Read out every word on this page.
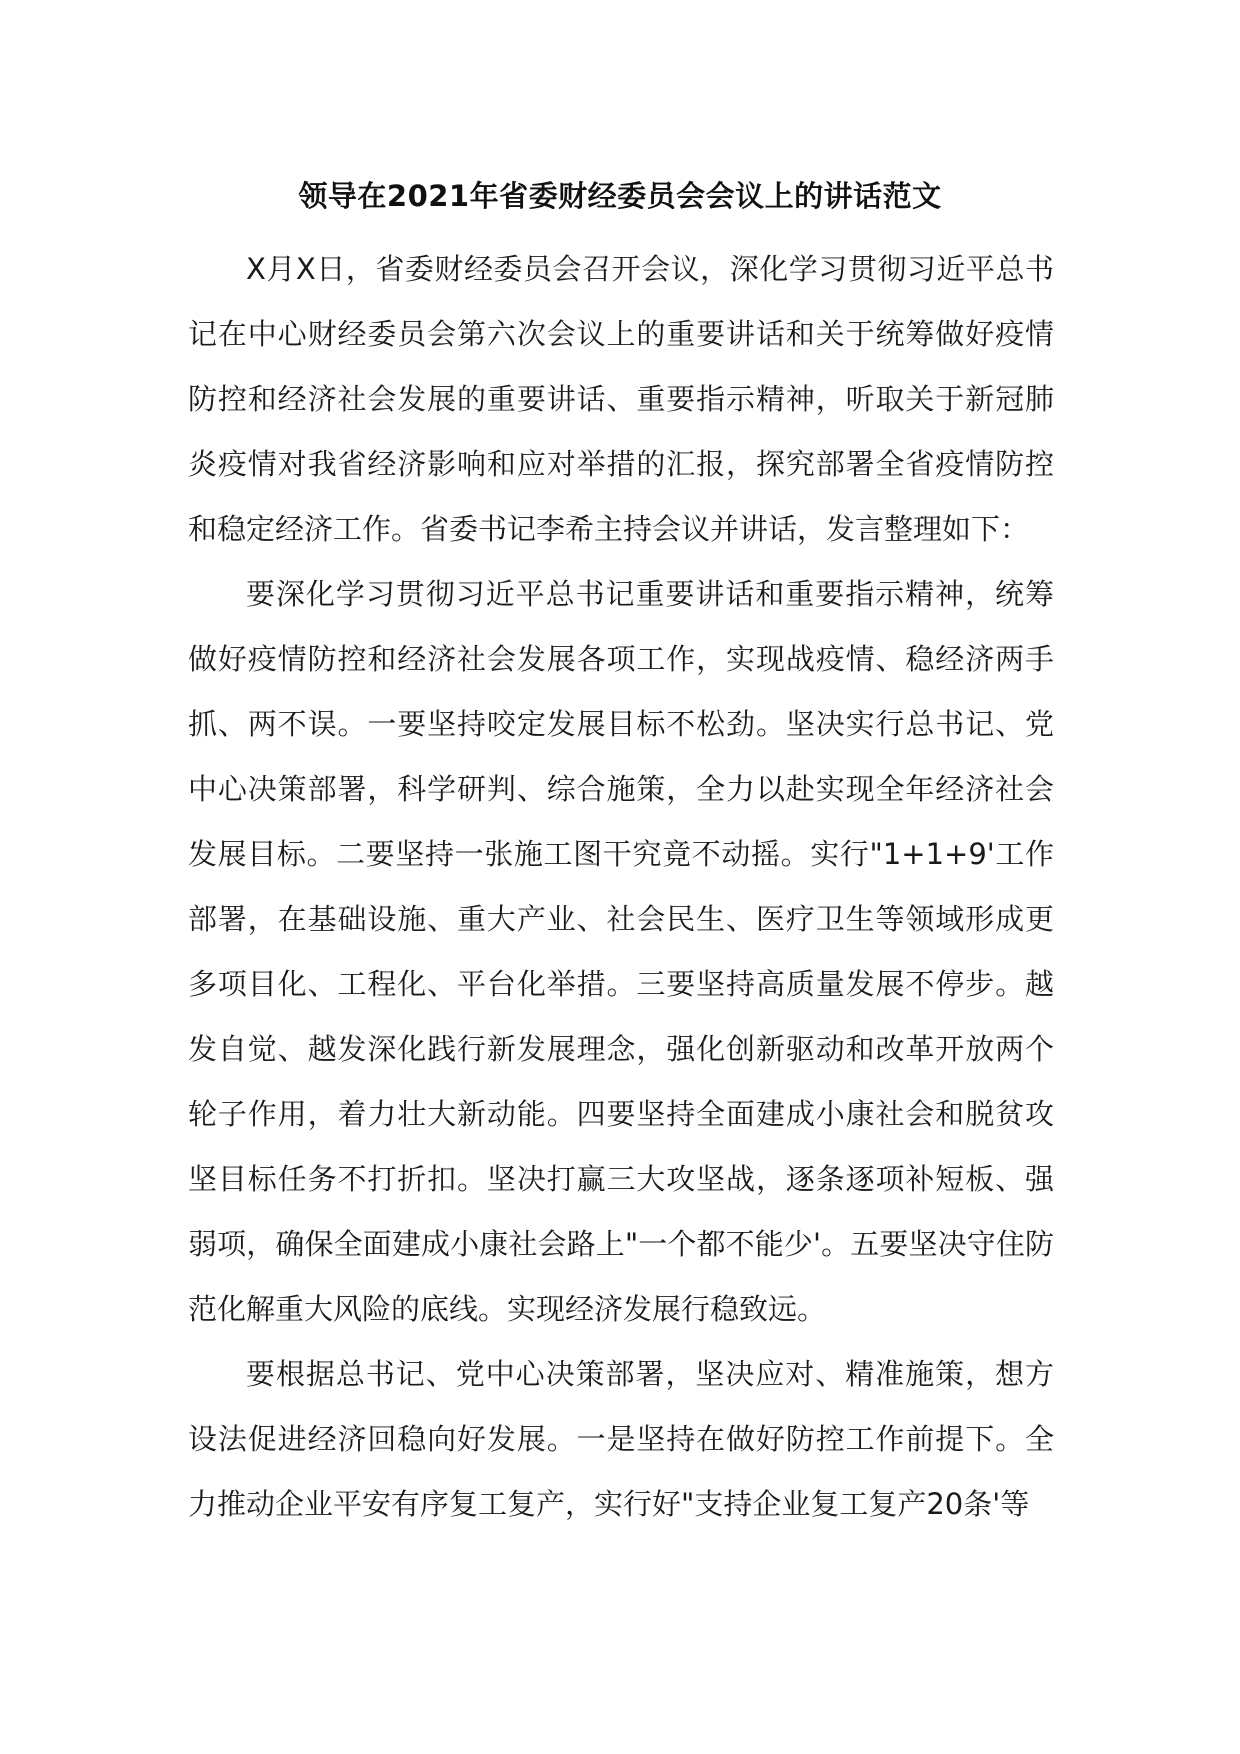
领导在2021年省委财经委员会会议上的讲话范文

X月X日，省委财经委员会召开会议，深化学习贯彻习近平总书记在中心财经委员会第六次会议上的重要讲话和关于统筹做好疫情防控和经济社会发展的重要讲话、重要指示精神，听取关于新冠肺炎疫情对我省经济影响和应对举措的汇报，探究部署全省疫情防控和稳定经济工作。省委书记李希主持会议并讲话，发言整理如下：

要深化学习贯彻习近平总书记重要讲话和重要指示精神，统筹做好疫情防控和经济社会发展各项工作，实现战疫情、稳经济两手抓、两不误。一要坚持咬定发展目标不松劲。坚决实行总书记、党中心决策部署，科学研判、综合施策，全力以赴实现全年经济社会发展目标。二要坚持一张施工图干究竟不动摇。实行"1+1+9'工作部署，在基础设施、重大产业、社会民生、医疗卫生等领域形成更多项目化、工程化、平台化举措。三要坚持高质量发展不停步。越发自觉、越发深化践行新发展理念，强化创新驱动和改革开放两个轮子作用，着力壮大新动能。四要坚持全面建成小康社会和脱贫攻坚目标任务不打折扣。坚决打赢三大攻坚战，逐条逐项补短板、强弱项，确保全面建成小康社会路上"一个都不能少'。五要坚决守住防范化解重大风险的底线。实现经济发展行稳致远。

要根据总书记、党中心决策部署，坚决应对、精准施策，想方设法促进经济回稳向好发展。一是坚持在做好防控工作前提下。全力推动企业平安有序复工复产，实行好"支持企业复工复产20条'等
